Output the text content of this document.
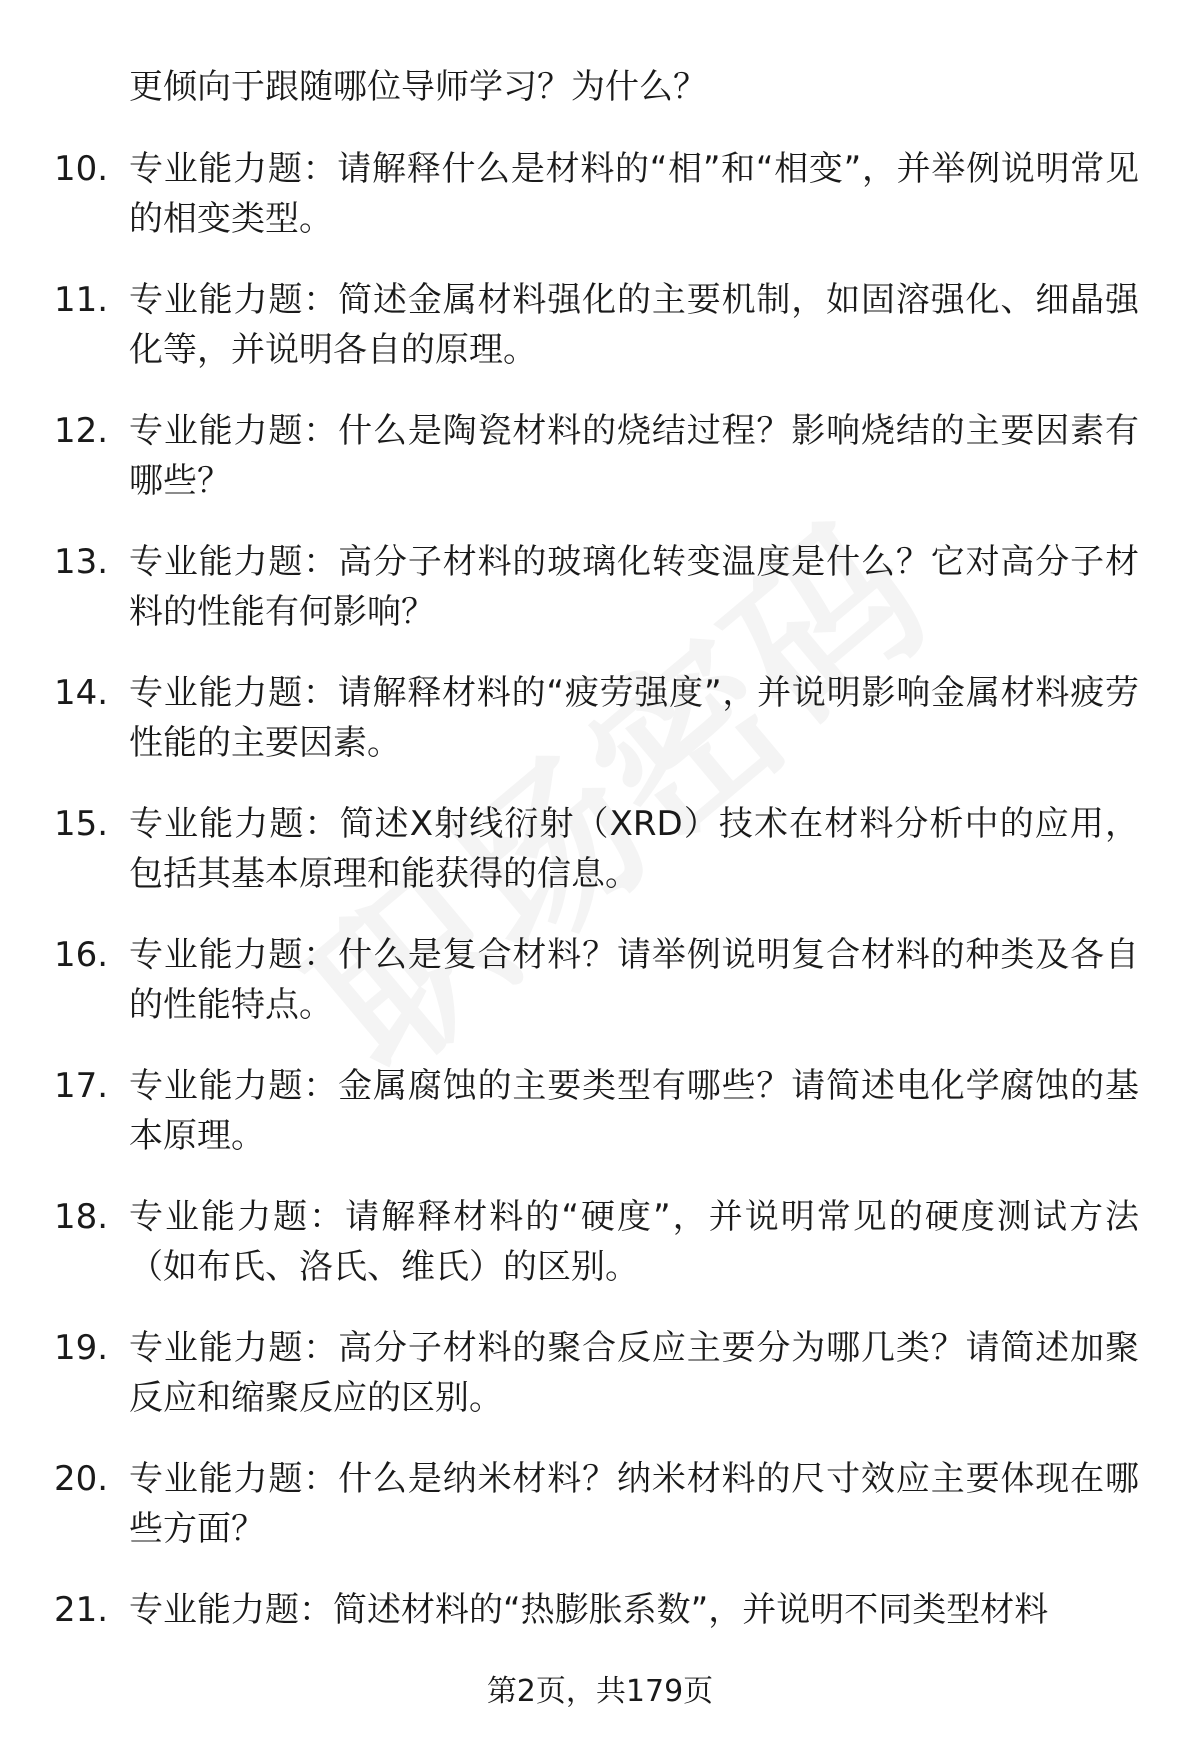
更倾向于跟随哪位导师学习？为什么？

10. 专业能力题：请解释什么是材料的“相”和“相变”，并举例说明常见的相变类型。
11. 专业能力题：简述金属材料强化的主要机制，如固溶强化、细晶强化等，并说明各自的原理。
12. 专业能力题：什么是陶瓷材料的烧结过程？影响烧结的主要因素有哪些？
13. 专业能力题：高分子材料的玻璃化转变温度是什么？它对高分子材料的性能有何影响？
14. 专业能力题：请解释材料的“疲劳强度”，并说明影响金属材料疲劳性能的主要因素。
15. 专业能力题：简述X射线衍射（XRD）技术在材料分析中的应用，包括其基本原理和能获得的信息。
16. 专业能力题：什么是复合材料？请举例说明复合材料的种类及各自的性能特点。
17. 专业能力题：金属腐蚀的主要类型有哪些？请简述电化学腐蚀的基本原理。
18. 专业能力题：请解释材料的“硬度”，并说明常见的硬度测试方法（如布氏、洛氏、维氏）的区别。
19. 专业能力题：高分子材料的聚合反应主要分为哪几类？请简述加聚反应和缩聚反应的区别。
20. 专业能力题：什么是纳米材料？纳米材料的尺寸效应主要体现在哪些方面？
21. 专业能力题：简述材料的“热膨胀系数”，并说明不同类型材料
第2页，共179页
